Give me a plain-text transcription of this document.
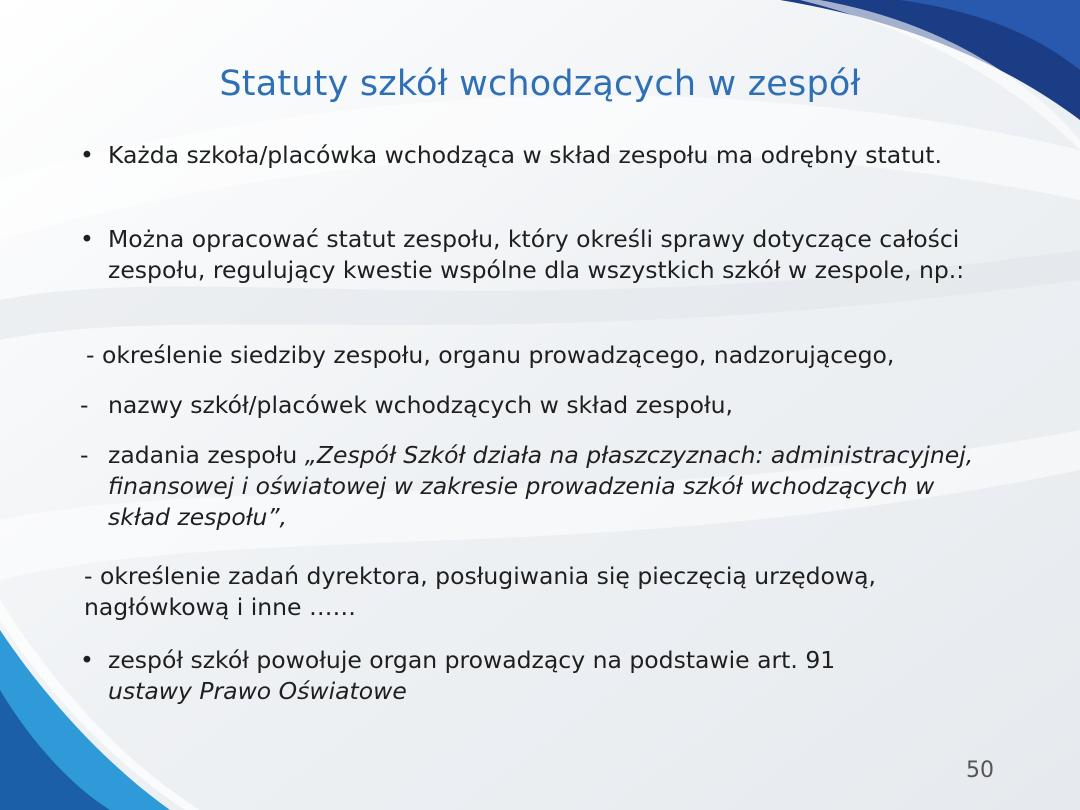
Statuty szkół wchodzących w zespół
• Każda szkoła/placówka wchodząca w skład zespołu ma odrębny statut.
• Można opracować statut zespołu, który określi sprawy dotyczące całości zespołu, regulujący kwestie wspólne dla wszystkich szkół w zespole, np.:
- określenie siedziby zespołu, organu prowadzącego, nadzorującego,
- nazwy szkół/placówek wchodzących w skład zespołu,
- zadania zespołu „Zespół Szkół działa na płaszczyznach: administracyjnej, finansowej i oświatowej w zakresie prowadzenia szkół wchodzących w skład zespołu”,
- określenie zadań dyrektora, posługiwania się pieczęcią urzędową, nagłówkową i inne ……
• zespół szkół powołuje organ prowadzący na podstawie art. 91
ustawy Prawo Oświatowe
50
